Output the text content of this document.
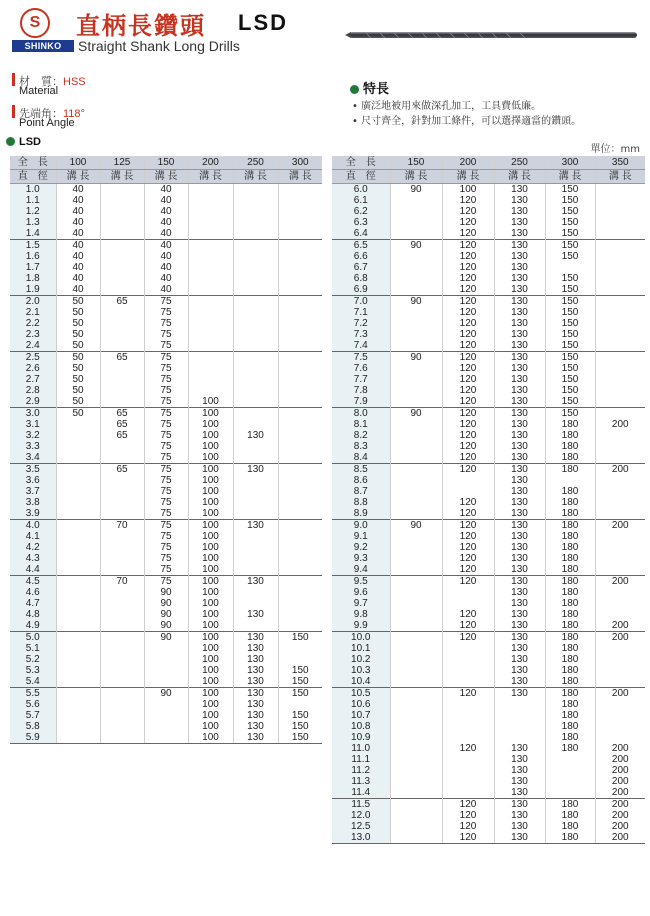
S
SHINKO
直柄長鑽頭 LSD
Straight Shank Long Drills
材　質：HSS
Material
先端角：118°
Point Angle
特長
• 廣泛地被用來做深孔加工，工具費低廉。
• 尺寸齊全，針對加工條件，可以選擇適當的鑽頭。
LSD
單位：mm
全　長	100	125	150	200	250	300
直　徑	溝 長	溝 長	溝 長	溝 長	溝 長	溝 長
1.0	40		40			
1.1	40		40			
1.2	40		40			
1.3	40		40			
1.4	40		40			
1.5	40		40			
1.6	40		40			
1.7	40		40			
1.8	40		40			
1.9	40		40			
2.0	50	65	75			
2.1	50		75			
2.2	50		75			
2.3	50		75			
2.4	50		75			
2.5	50	65	75			
2.6	50		75			
2.7	50		75			
2.8	50		75			
2.9	50		75	100		
3.0	50	65	75	100		
3.1		65	75	100		
3.2		65	75	100	130	
3.3			75	100		
3.4			75	100		
3.5		65	75	100	130	
3.6			75	100		
3.7			75	100		
3.8			75	100		
3.9			75	100		
4.0		70	75	100	130	
4.1			75	100		
4.2			75	100		
4.3			75	100		
4.4			75	100		
4.5		70	75	100	130	
4.6			90	100		
4.7			90	100		
4.8			90	100	130	
4.9			90	100		
5.0			90	100	130	150
5.1				100	130	
5.2				100	130	
5.3				100	130	150
5.4				100	130	150
5.5			90	100	130	150
5.6				100	130	
5.7				100	130	150
5.8				100	130	150
5.9				100	130	150
全　長	150	200	250	300	350
直　徑	溝 長	溝 長	溝 長	溝 長	溝 長
6.0	90	100	130	150	
6.1		120	130	150	
6.2		120	130	150	
6.3		120	130	150	
6.4		120	130	150	
6.5	90	120	130	150	
6.6		120	130	150	
6.7		120	130		
6.8		120	130	150	
6.9		120	130	150	
7.0	90	120	130	150	
7.1		120	130	150	
7.2		120	130	150	
7.3		120	130	150	
7.4		120	130	150	
7.5	90	120	130	150	
7.6		120	130	150	
7.7		120	130	150	
7.8		120	130	150	
7.9		120	130	150	
8.0	90	120	130	150	
8.1		120	130	180	200
8.2		120	130	180	
8.3		120	130	180	
8.4		120	130	180	
8.5		120	130	180	200
8.6			130		
8.7			130	180	
8.8		120	130	180	
8.9		120	130	180	
9.0	90	120	130	180	200
9.1		120	130	180	
9.2		120	130	180	
9.3		120	130	180	
9.4		120	130	180	
9.5		120	130	180	200
9.6			130	180	
9.7			130	180	
9.8		120	130	180	
9.9		120	130	180	200
10.0		120	130	180	200
10.1			130	180	
10.2			130	180	
10.3			130	180	
10.4			130	180	
10.5		120	130	180	200
10.6				180	
10.7				180	
10.8				180	
10.9				180	
11.0		120	130	180	200
11.1			130		200
11.2			130		200
11.3			130		200
11.4			130		200
11.5		120	130	180	200
12.0		120	130	180	200
12.5		120	130	180	200
13.0		120	130	180	200
